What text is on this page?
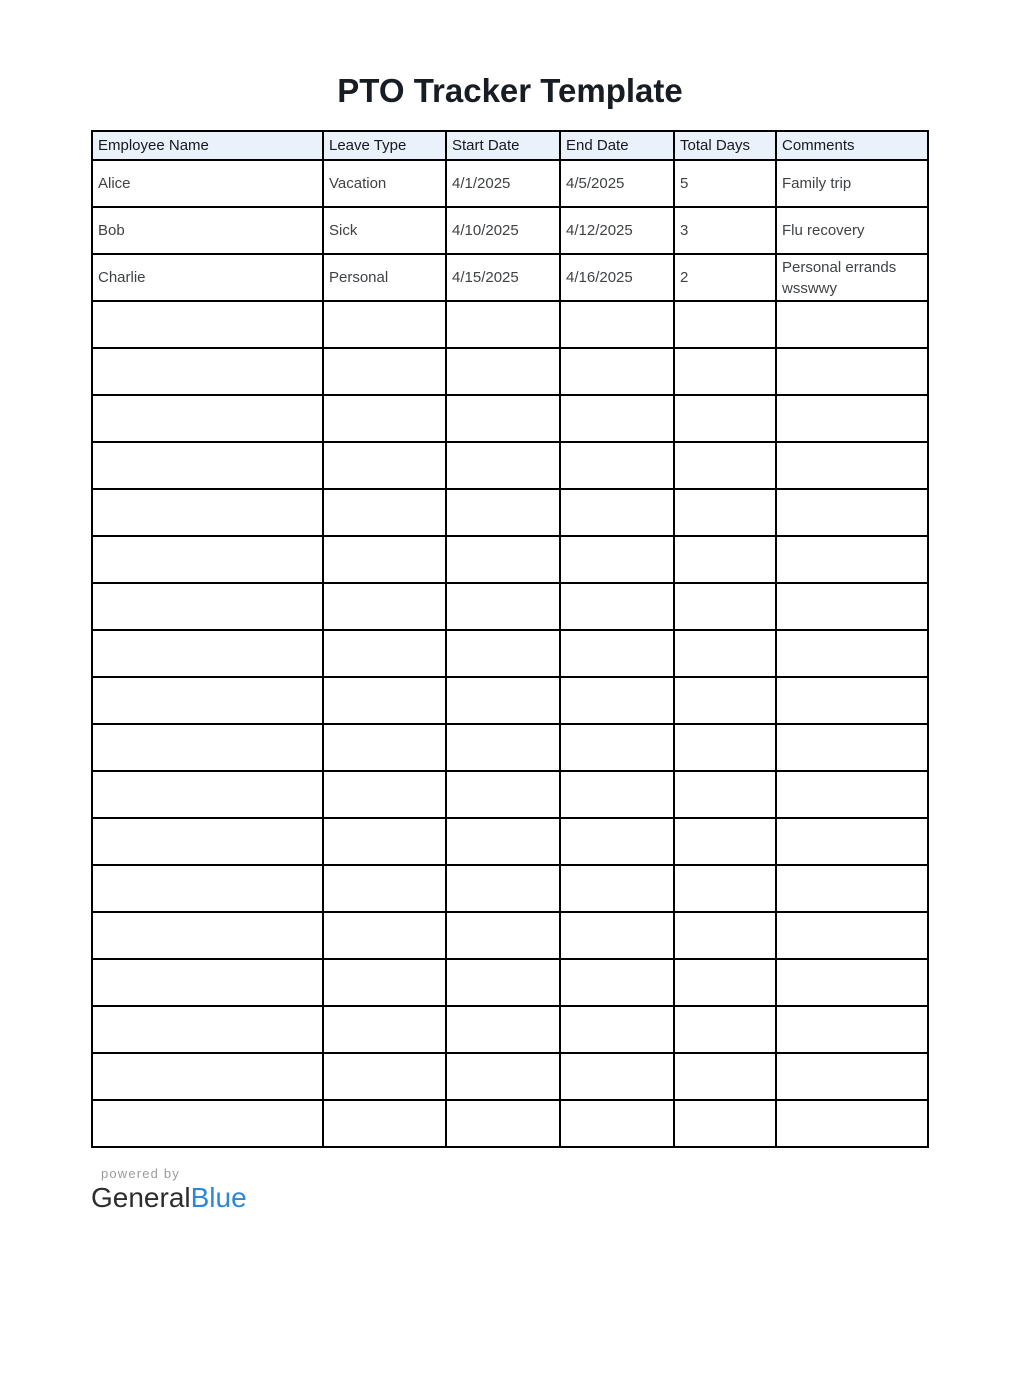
PTO Tracker Template
Employee Name	Leave Type	Start Date	End Date	Total Days	Comments
Alice	Vacation	4/1/2025	4/5/2025	5	Family trip
Bob	Sick	4/10/2025	4/12/2025	3	Flu recovery
Charlie	Personal	4/15/2025	4/16/2025	2	Personal errands wsswwy

powered by
GeneralBlue
